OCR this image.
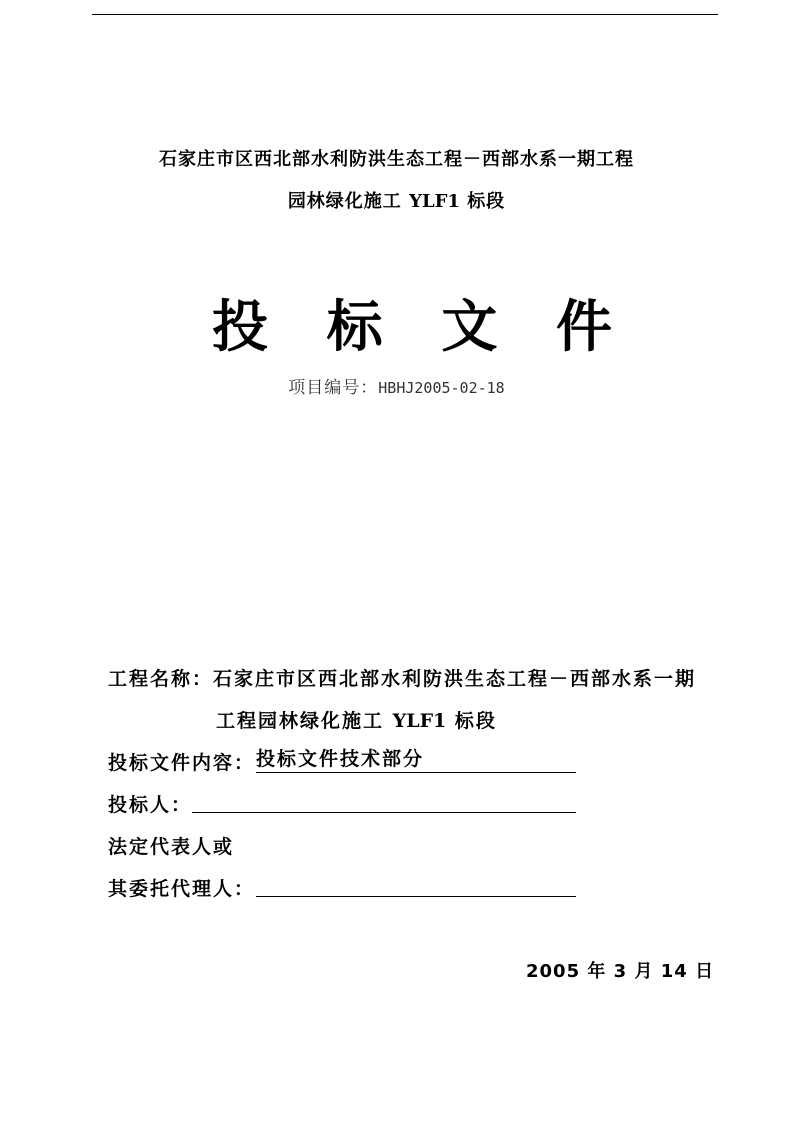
石家庄市区西北部水利防洪生态工程－西部水系一期工程
园林绿化施工 YLF1 标段
投 标 文 件
项目编号：HBHJ2005-02-18
工程名称：石家庄市区西北部水利防洪生态工程－西部水系一期
工程园林绿化施工 YLF1 标段
投标文件内容： 投标文件技术部分
投标人：
法定代表人或
其委托代理人：
2005 年 3 月 14 日
